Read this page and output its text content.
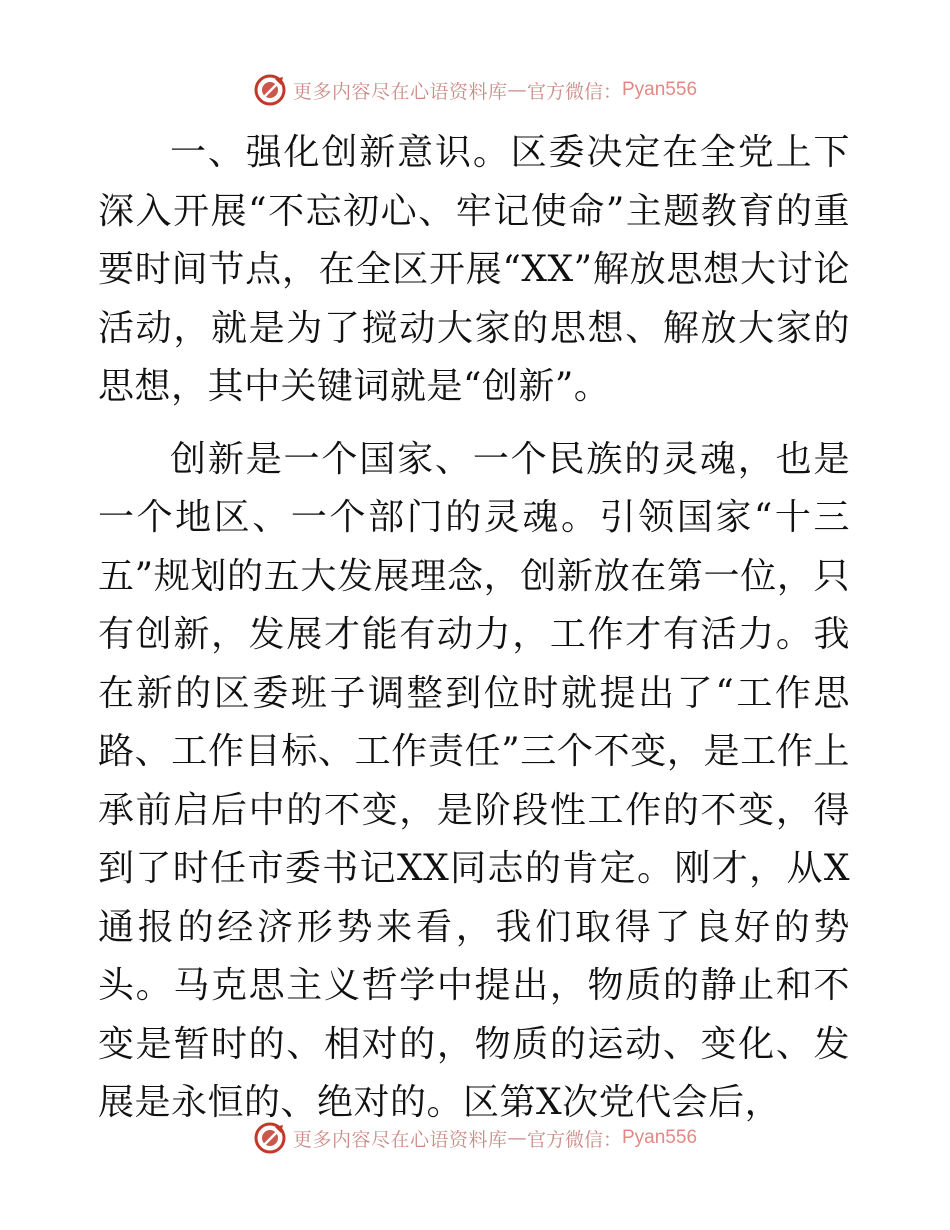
更多内容尽在心语资料库 — 官方微信： Pyan556

一、强化创新意识。区委决定在全党上下深入开展“不忘初心、牢记使命”主题教育的重要时间节点，在全区开展“XX”解放思想大讨论活动，就是为了搅动大家的思想、解放大家的思想，其中关键词就是“创新”。

创新是一个国家、一个民族的灵魂，也是一个地区、一个部门的灵魂。引领国家“十三五”规划的五大发展理念，创新放在第一位，只有创新，发展才能有动力，工作才有活力。我在新的区委班子调整到位时就提出了“工作思路、工作目标、工作责任”三个不变，是工作上承前启后中的不变，是阶段性工作的不变，得到了时任市委书记XX同志的肯定。刚才，从X通报的经济形势来看，我们取得了良好的势头。马克思主义哲学中提出，物质的静止和不变是暂时的、相对的，物质的运动、变化、发展是永恒的、绝对的。区第X次党代会后，

更多内容尽在心语资料库 — 官方微信： Pyan556
